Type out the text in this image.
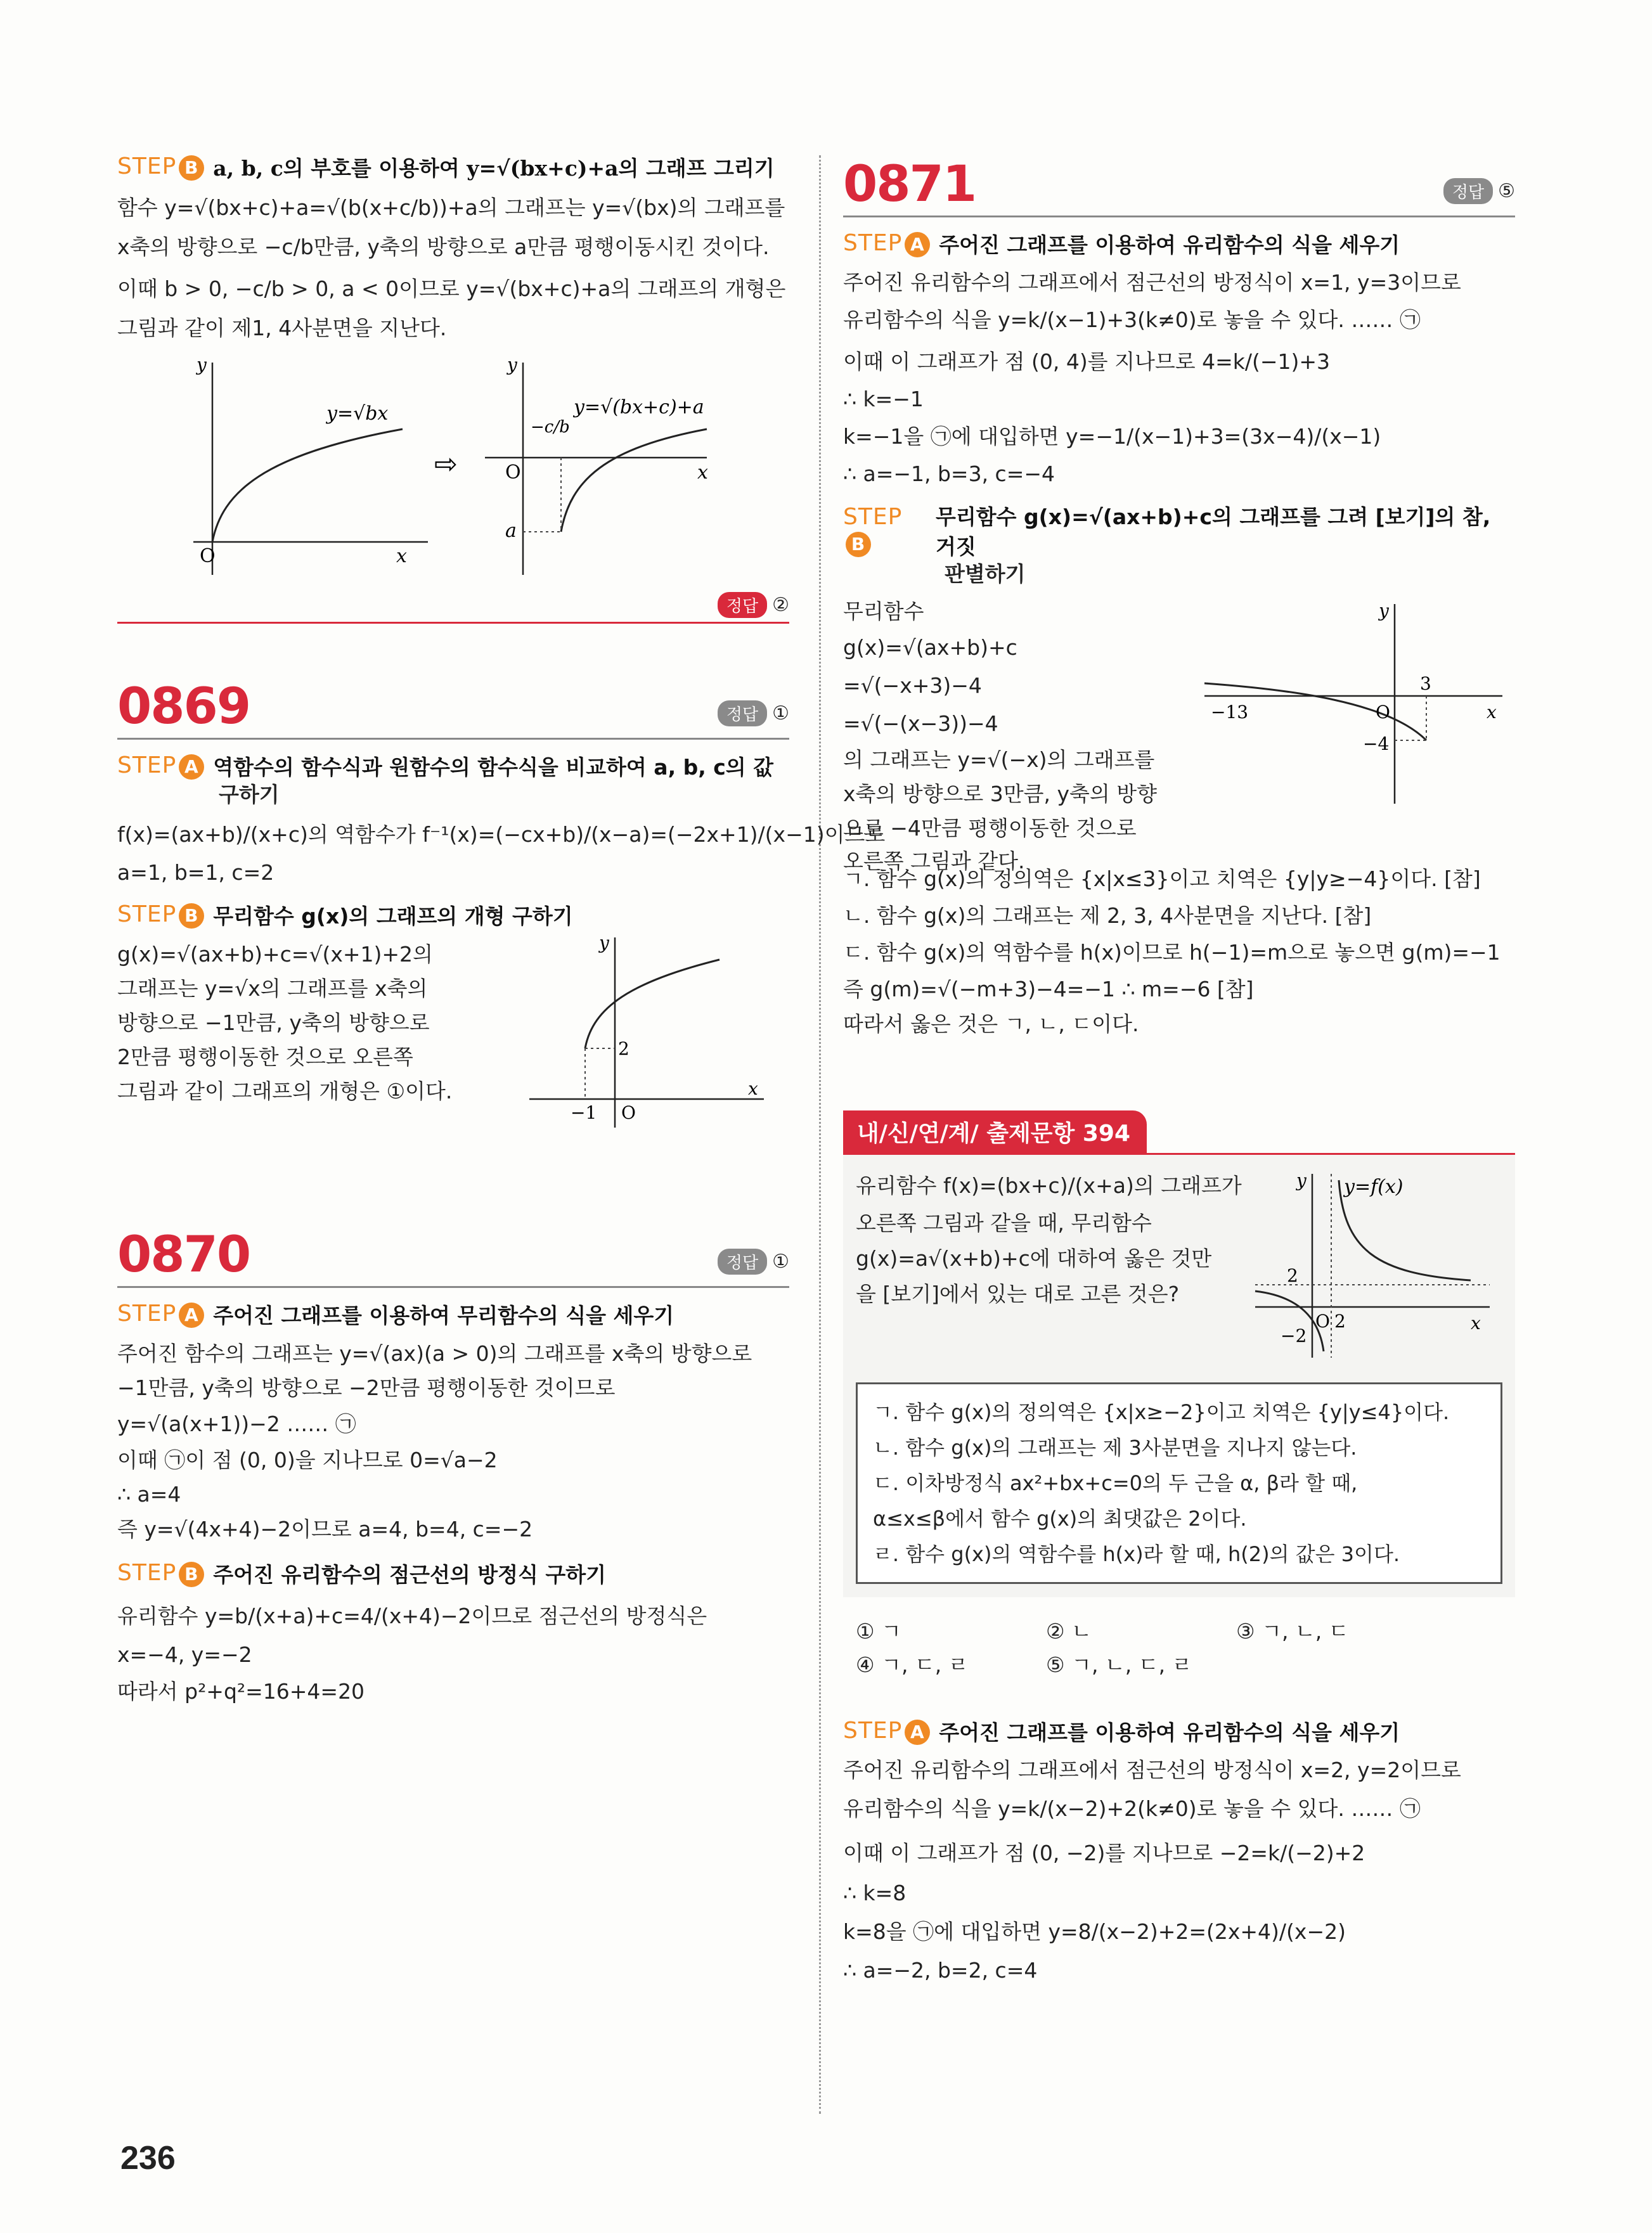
STEP B a, b, c의 부호를 이용하여 y=√(bx+c)+a의 그래프 그리기

함수 y=√(bx+c)+a=√(b(x+c/b))+a의 그래프는 y=√(bx)의 그래프를

x축의 방향으로 −c/b만큼, y축의 방향으로 a만큼 평행이동시킨 것이다.

이때 b > 0, −c/b > 0, a < 0이므로 y=√(bx+c)+a의 그래프의 개형은

그림과 같이 제1, 4사분면을 지난다.

O
y
x
y=√bx
⇨	O
y
x
a
−c/b
y=√(bx+c)+a
정답 ②
0869	정답 ①
STEP A 역함수의 함수식과 원함수의 함수식을 비교하여 a, b, c의 값

구하기

f(x)=(ax+b)/(x+c)의 역함수가 f⁻¹(x)=(−cx+b)/(x−a)=(−2x+1)/(x−1)이므로

a=1, b=1, c=2

STEP B 무리함수 g(x)의 그래프의 개형 구하기

g(x)=√(ax+b)+c=√(x+1)+2의

그래프는 y=√x의 그래프를 x축의

방향으로 −1만큼, y축의 방향으로

2만큼 평행이동한 것으로 오른쪽

그림과 같이 그래프의 개형은 ①이다.

y
x
O
−1
2
0870	정답 ①
STEP A 주어진 그래프를 이용하여 무리함수의 식을 세우기

주어진 함수의 그래프는 y=√(ax)(a > 0)의 그래프를 x축의 방향으로

−1만큼, y축의 방향으로 −2만큼 평행이동한 것이므로

y=√(a(x+1))−2 …… ㉠

이때 ㉠이 점 (0, 0)을 지나므로 0=√a−2

∴ a=4

즉 y=√(4x+4)−2이므로 a=4, b=4, c=−2

STEP B 주어진 유리함수의 점근선의 방정식 구하기

유리함수 y=b/(x+a)+c=4/(x+4)−2이므로 점근선의 방정식은

x=−4, y=−2

따라서 p²+q²=16+4=20

0871	정답 ⑤
STEP A 주어진 그래프를 이용하여 유리함수의 식을 세우기

주어진 유리함수의 그래프에서 점근선의 방정식이 x=1, y=3이므로

유리함수의 식을 y=k/(x−1)+3(k≠0)로 놓을 수 있다. …… ㉠

이때 이 그래프가 점 (0, 4)를 지나므로 4=k/(−1)+3

∴ k=−1

k=−1을 ㉠에 대입하면 y=−1/(x−1)+3=(3x−4)/(x−1)

∴ a=−1, b=3, c=−4

STEPB
무리함수 g(x)=√(ax+b)+c의 그래프를 그려 [보기]의 참, 거짓

판별하기

무리함수

g(x)=√(ax+b)+c

=√(−x+3)−4

=√(−(x−3))−4

의 그래프는 y=√(−x)의 그래프를

x축의 방향으로 3만큼, y축의 방향

으로 −4만큼 평행이동한 것으로

오른쪽 그림과 같다.

y
x
O
−13
3
−4

ㄱ. 함수 g(x)의 정의역은 {x|x≤3}이고 치역은 {y|y≥−4}이다. [참]

ㄴ. 함수 g(x)의 그래프는 제 2, 3, 4사분면을 지난다. [참]

ㄷ. 함수 g(x)의 역함수를 h(x)이므로 h(−1)=m으로 놓으면 g(m)=−1

즉 g(m)=√(−m+3)−4=−1 ∴ m=−6 [참]

따라서 옳은 것은 ㄱ, ㄴ, ㄷ이다.

내/신/연/계/ 출제문항 394

유리함수 f(x)=(bx+c)/(x+a)의 그래프가

오른쪽 그림과 같을 때, 무리함수

g(x)=a√(x+b)+c에 대하여 옳은 것만

을 [보기]에서 있는 대로 고른 것은?

y
x
O 2
2
−2
y=f(x)

ㄱ. 함수 g(x)의 정의역은 {x|x≥−2}이고 치역은 {y|y≤4}이다.

ㄴ. 함수 g(x)의 그래프는 제 3사분면을 지나지 않는다.

ㄷ. 이차방정식 ax²+bx+c=0의 두 근을 α, β라 할 때,

α≤x≤β에서 함수 g(x)의 최댓값은 2이다.

ㄹ. 함수 g(x)의 역함수를 h(x)라 할 때, h(2)의 값은 3이다.

① ㄱ	② ㄴ	③ ㄱ, ㄴ, ㄷ
④ ㄱ, ㄷ, ㄹ	⑤ ㄱ, ㄴ, ㄷ, ㄹ
STEP A 주어진 그래프를 이용하여 유리함수의 식을 세우기

주어진 유리함수의 그래프에서 점근선의 방정식이 x=2, y=2이므로

유리함수의 식을 y=k/(x−2)+2(k≠0)로 놓을 수 있다. …… ㉠

이때 이 그래프가 점 (0, −2)를 지나므로 −2=k/(−2)+2

∴ k=8

k=8을 ㉠에 대입하면 y=8/(x−2)+2=(2x+4)/(x−2)

∴ a=−2, b=2, c=4

236
